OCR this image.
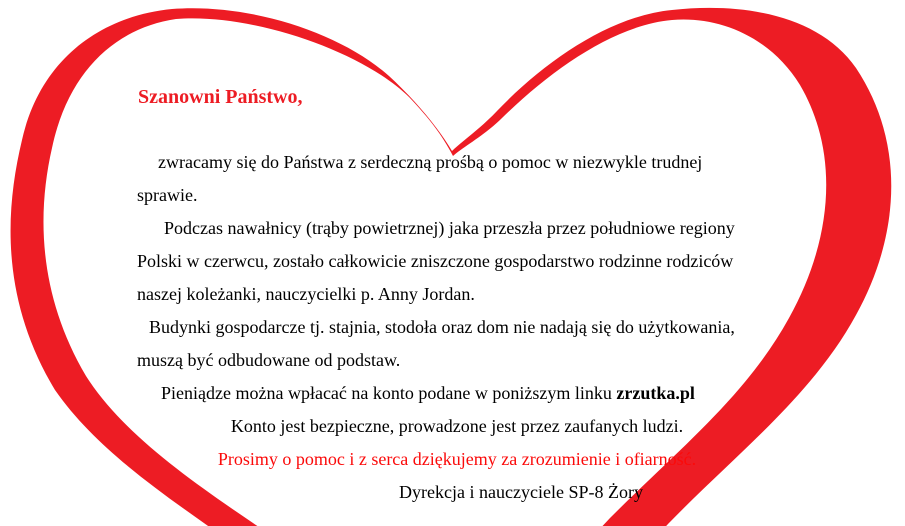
Szanowni Państwo,
zwracamy się do Państwa z serdeczną prośbą o pomoc w niezwykle trudnej
sprawie.
Podczas nawałnicy (trąby powietrznej) jaka przeszła przez południowe regiony
Polski w czerwcu, zostało całkowicie zniszczone gospodarstwo rodzinne rodziców
naszej koleżanki, nauczycielki p. Anny Jordan.
Budynki gospodarcze tj. stajnia, stodoła oraz dom nie nadają się do użytkowania,
muszą być odbudowane od podstaw.
Pieniądze można wpłacać na konto podane w poniższym linku zrzutka.pl
Konto jest bezpieczne, prowadzone jest przez zaufanych ludzi.
Prosimy o pomoc i z serca dziękujemy za zrozumienie i ofiarność.
Dyrekcja i nauczyciele SP-8 Żory
